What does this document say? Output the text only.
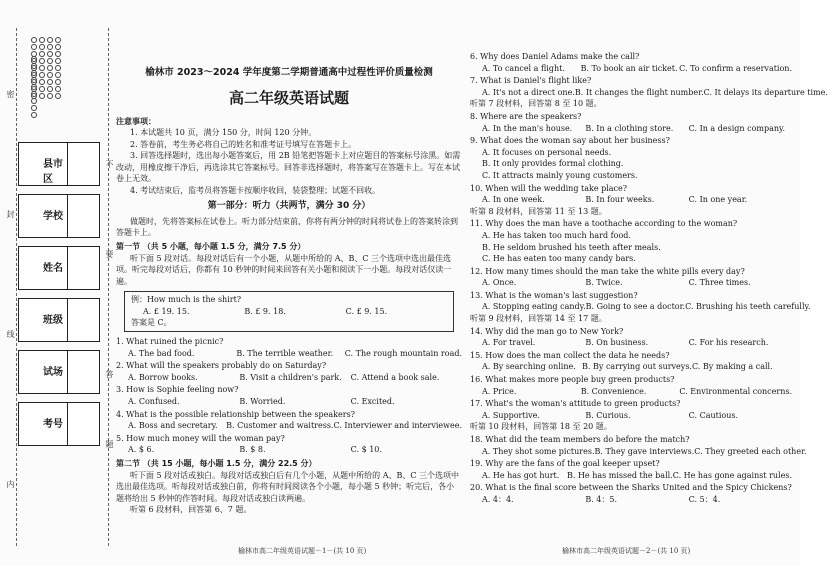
密
封
线
内
不
要
答
题
县市区
学校
姓名
班级
试场
考号
榆林市 2023～2024 学年度第二学期普通高中过程性评价质量检测
高二年级英语试题

注意事项：

1. 本试题共 10 页，满分 150 分，时间 120 分钟。

2. 答卷前，考生务必将自己的姓名和准考证号填写在答题卡上。

3. 回答选择题时，选出每小题答案后，用 2B 铅笔把答题卡上对应题目的答案标号涂黑。如需改动，用橡皮擦干净后，再选涂其它答案标号。回答非选择题时，将答案写在答题卡上。写在本试卷上无效。

4. 考试结束后，监考员将答题卡按顺序收回，装袋整理；试题不回收。

第一部分：听力（共两节，满分 30 分）

做题时，先将答案标在试卷上。听力部分结束前，你将有两分钟的时间将试卷上的答案转涂到答题卡上。

第一节 （共 5 小题，每小题 1.5 分，满分 7.5 分）

听下面 5 段对话。每段对话后有一个小题，从题中所给的 A、B、C 三个选项中选出最佳选项。听完每段对话后，你都有 10 秒钟的时间来回答有关小题和阅读下一小题。每段对话仅读一遍。

例：How much is the shirt?
A. £ 19. 15.	B. £ 9. 18.	C. £ 9. 15.
答案是 C。
1. What ruined the picnic?
A. The bad food.	B. The terrible weather.	C. The rough mountain road.
2. What will the speakers probably do on Saturday?
A. Borrow books.	B. Visit a children's park.	C. Attend a book sale.
3. How is Sophie feeling now?
A. Confused.	B. Worried.	C. Excited.
4. What is the possible relationship between the speakers?
A. Boss and secretary.	B. Customer and waitress. C. Interviewer and interviewee.
5. How much money will the woman pay?
A. $ 6.	B. $ 8.	C. $ 10.
第二节 （共 15 小题，每小题 1.5 分，满分 22.5 分）

听下面 5 段对话或独白。每段对话或独白后有几个小题，从题中所给的 A、B、C 三个选项中选出最佳选项。听每段对话或独白前，你将有时间阅读各个小题，每小题 5 秒钟；听完后，各小题将给出 5 秒钟的作答时间。每段对话或独白读两遍。

听第 6 段材料，回答第 6、7 题。

榆林市高二年级英语试题－1－(共 10 页)
6. Why does Daniel Adams make the call?
A. To cancel a flight.	B. To book an air ticket. C. To confirm a reservation.
7. What is Daniel's flight like?
A. It's not a direct one. B. It changes the flight number. C. It delays its departure time.
听第 7 段材料，回答第 8 至 10 题。
8. Where are the speakers?
A. In the man's house.	B. In a clothing store.	C. In a design company.
9. What does the woman say about her business?
A. It focuses on personal needs.
B. It only provides formal clothing.
C. It attracts mainly young customers.
10. When will the wedding take place?
A. In one week.	B. In four weeks.	C. In one year.
听第 8 段材料，回答第 11 至 13 题。
11. Why does the man have a toothache according to the woman?
A. He has taken too much hard food.
B. He seldom brushed his teeth after meals.
C. He has eaten too many candy bars.
12. How many times should the man take the white pills every day?
A. Once.	B. Twice.	C. Three times.
13. What is the woman's last suggestion?
A. Stopping eating candy. B. Going to see a doctor. C. Brushing his teeth carefully.
听第 9 段材料，回答第 14 至 17 题。
14. Why did the man go to New York?
A. For travel.	B. On business.	C. For his research.
15. How does the man collect the data he needs?
A. By searching online. B. By carrying out surveys. C. By making a call.
16. What makes more people buy green products?
A. Price.	B. Convenience.	C. Environmental concerns.
17. What's the woman's attitude to green products?
A. Supportive.	B. Curious.	C. Cautious.
听第 10 段材料，回答第 18 至 20 题。
18. What did the team members do before the match?
A. They shot some pictures. B. They gave interviews. C. They greeted each other.
19. Why are the fans of the goal keeper upset?
A. He has got hurt. B. He has missed the ball. C. He has gone against rules.
20. What is the final score between the Sharks United and the Spicy Chickens?
A. 4：4.	B. 4：5.	C. 5：4.
榆林市高二年级英语试题－2－(共 10 页)
